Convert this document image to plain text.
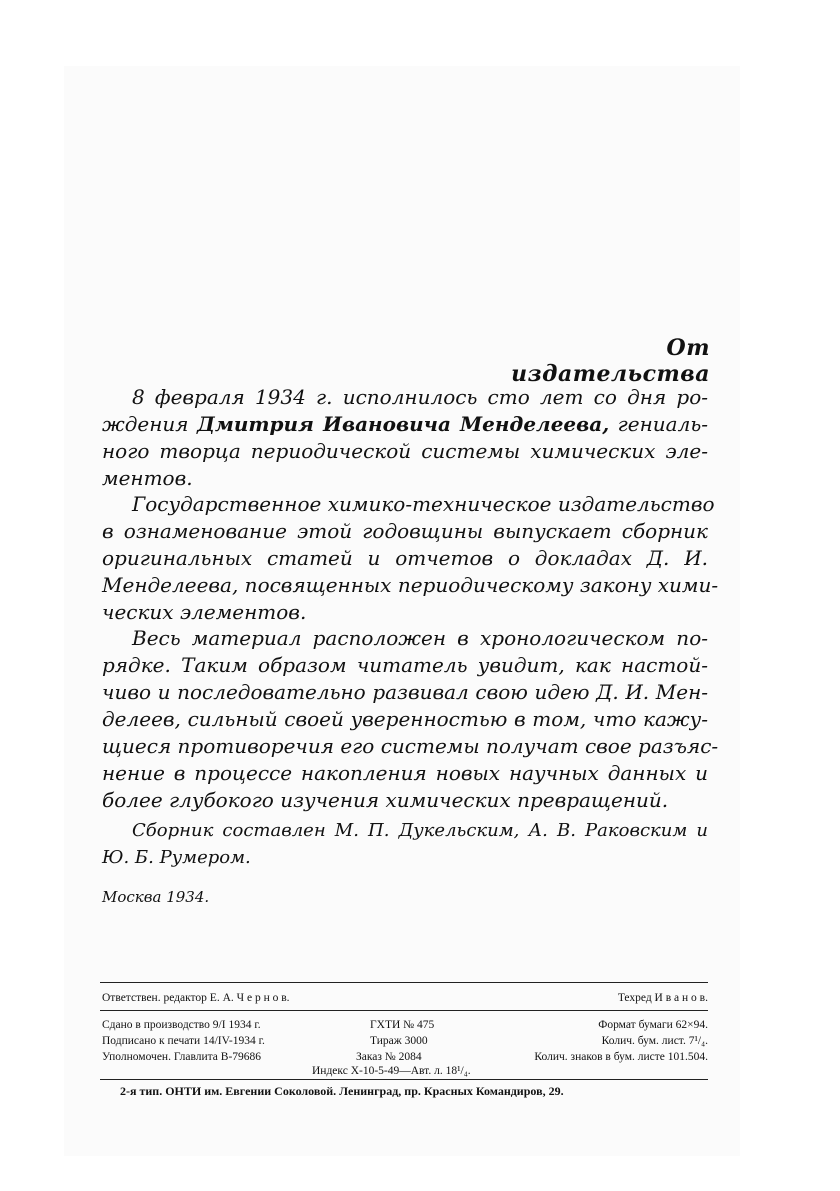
От издательства
8 февраля 1934 г. исполнилось сто лет со дня ро-
ждения Дмитрия Ивановича Менделеева, гениаль-
ного творца периодической системы химических эле-
ментов.
Государственное химико-техническое издательство
в ознаменование этой годовщины выпускает сборник
оригинальных статей и отчетов о докладах Д. И.
Менделеева, посвященных периодическому закону хими-
ческих элементов.
Весь материал расположен в хронологическом по-
рядке. Таким образом читатель увидит, как настой-
чиво и последовательно развивал свою идею Д. И. Мен-
делеев, сильный своей уверенностью в том, что кажу-
щиеся противоречия его системы получат свое разъяс-
нение в процессе накопления новых научных данных и
более глубокого изучения химических превращений.
Сборник составлен М. П. Дукельским, А. В. Раковским и
Ю. Б. Румером.
Москва 1934.
Ответствен. редактор Е. А. Ч е р н о в.	Техред И в а н о в.
Сдано в производство 9/I 1934 г.
Подписано к печати 14/IV-1934 г.
Уполномочен. Главлита В-79686
ГХТИ № 475
Тираж 3000
Заказ № 2084
Формат бумаги 62×94.
Колич. бум. лист. 7¹/₄.
Колич. знаков в бум. листе 101.504.
Индекс Х-10-5-49—Авт. л. 18¹/₄.
2-я тип. ОНТИ им. Евгении Соколовой. Ленинград, пр. Красных Командиров, 29.
